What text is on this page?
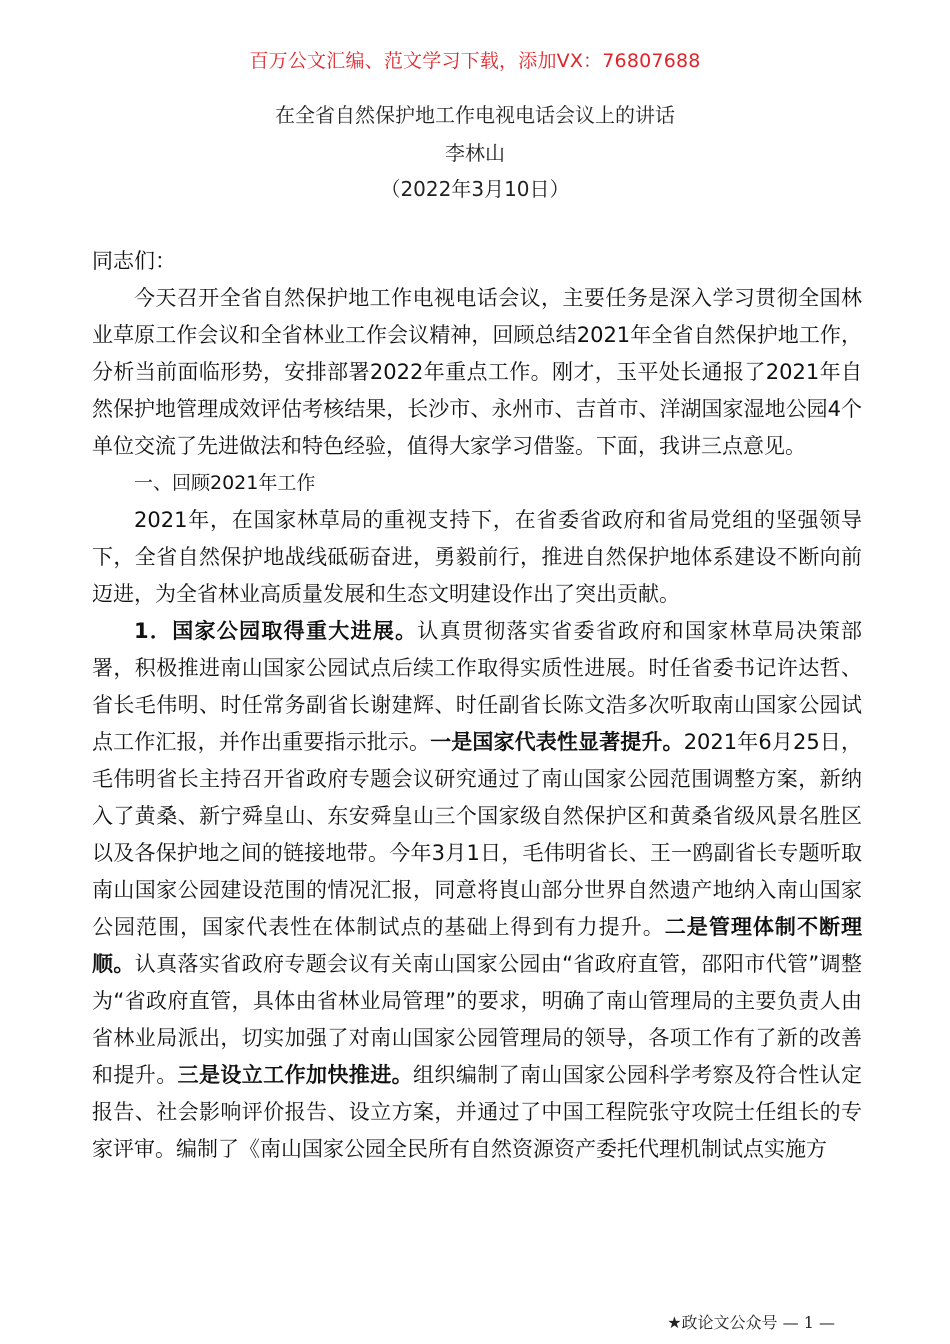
百万公文汇编、范文学习下载，添加VX：76807688
在全省自然保护地工作电视电话会议上的讲话
李林山
（2022年3月10日）

同志们：

今天召开全省自然保护地工作电视电话会议，主要任务是深入学习贯彻全国林业草原工作会议和全省林业工作会议精神，回顾总结2021年全省自然保护地工作，分析当前面临形势，安排部署2022年重点工作。刚才，玉平处长通报了2021年自然保护地管理成效评估考核结果，长沙市、永州市、吉首市、洋湖国家湿地公园4个单位交流了先进做法和特色经验，值得大家学习借鉴。下面，我讲三点意见。

一、回顾2021年工作

2021年，在国家林草局的重视支持下，在省委省政府和省局党组的坚强领导下，全省自然保护地战线砥砺奋进，勇毅前行，推进自然保护地体系建设不断向前迈进，为全省林业高质量发展和生态文明建设作出了突出贡献。

1．国家公园取得重大进展。认真贯彻落实省委省政府和国家林草局决策部署，积极推进南山国家公园试点后续工作取得实质性进展。时任省委书记许达哲、省长毛伟明、时任常务副省长谢建辉、时任副省长陈文浩多次听取南山国家公园试点工作汇报，并作出重要指示批示。一是国家代表性显著提升。2021年6月25日，毛伟明省长主持召开省政府专题会议研究通过了南山国家公园范围调整方案，新纳入了黄桑、新宁舜皇山、东安舜皇山三个国家级自然保护区和黄桑省级风景名胜区以及各保护地之间的链接地带。今年3月1日，毛伟明省长、王一鸥副省长专题听取南山国家公园建设范围的情况汇报，同意将崀山部分世界自然遗产地纳入南山国家公园范围，国家代表性在体制试点的基础上得到有力提升。二是管理体制不断理顺。认真落实省政府专题会议有关南山国家公园由“省政府直管，邵阳市代管”调整为“省政府直管，具体由省林业局管理”的要求，明确了南山管理局的主要负责人由省林业局派出，切实加强了对南山国家公园管理局的领导，各项工作有了新的改善和提升。三是设立工作加快推进。组织编制了南山国家公园科学考察及符合性认定报告、社会影响评价报告、设立方案，并通过了中国工程院张守攻院士任组长的专家评审。编制了《南山国家公园全民所有自然资源资产委托代理机制试点实施方

★政论文公众号 — 1 —
